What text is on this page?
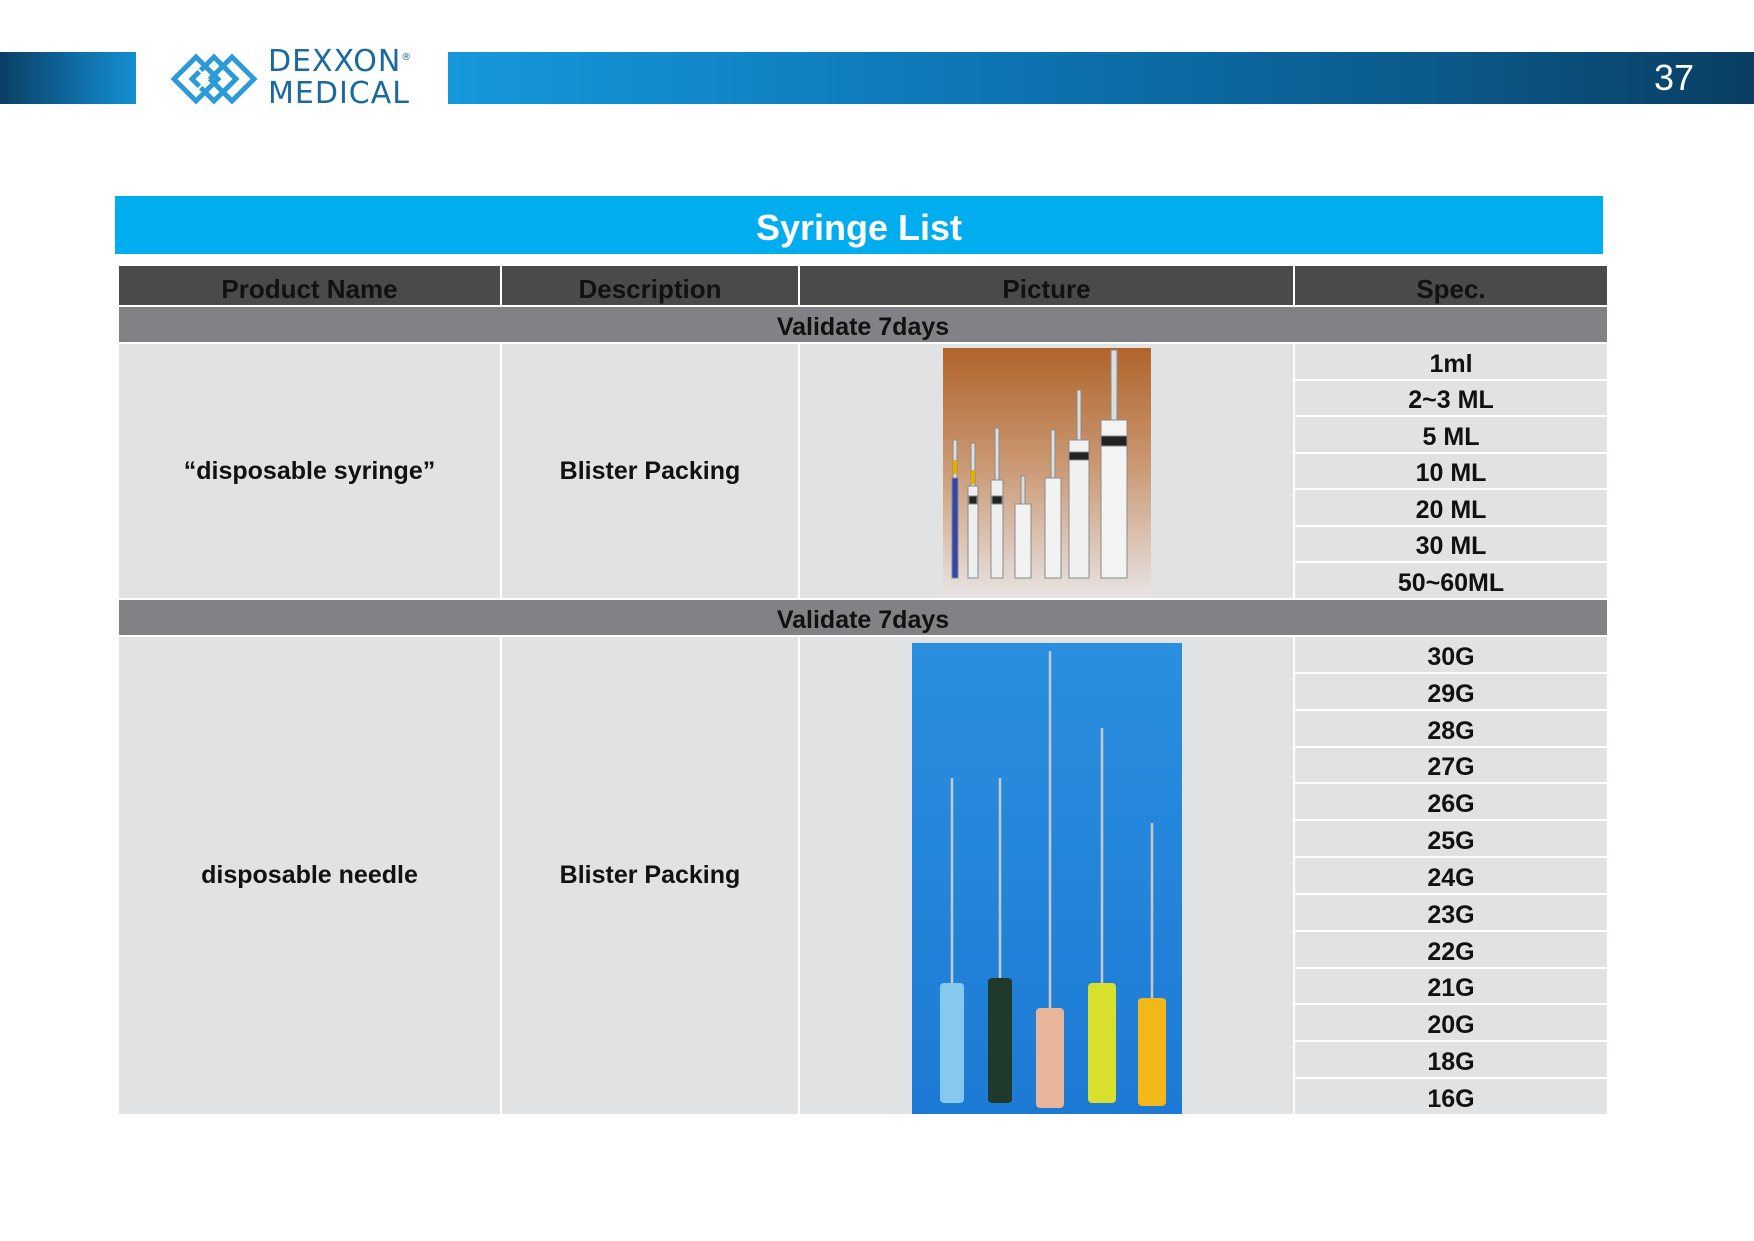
37
DEXXON®
MEDICAL
Syringe List
Product Name	Description	Picture	Spec.
Validate 7days			
“disposable syringe”	Blister Packing		1ml
			2~3 ML
			5 ML
			10 ML
			20 ML
			30 ML
			50~60ML
Validate 7days			
disposable needle	Blister Packing		30G
			29G
			28G
			27G
			26G
			25G
			24G
			23G
			22G
			21G
			20G
			18G
			16G
